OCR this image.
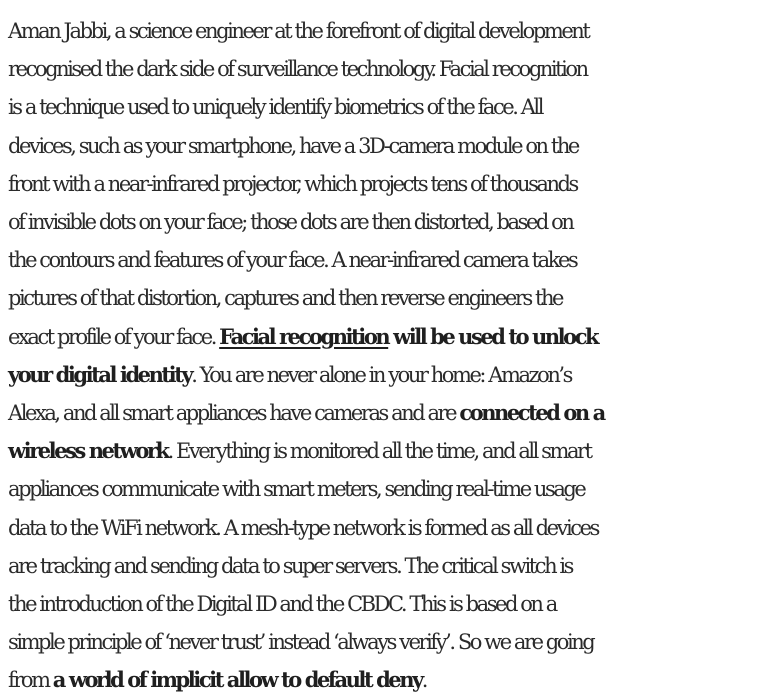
Aman Jabbi, a science engineer at the forefront of digital development
recognised the dark side of surveillance technology. Facial recognition
is a technique used to uniquely identify biometrics of the face. All
devices, such as your smartphone, have a 3D-camera module on the
front with a near-infrared projector, which projects tens of thousands
of invisible dots on your face; those dots are then distorted, based on
the contours and features of your face. A near-infrared camera takes
pictures of that distortion, captures and then reverse engineers the
exact profile of your face. Facial recognition will be used to unlock
your digital identity. You are never alone in your home: Amazon’s
Alexa, and all smart appliances have cameras and are connected on a
wireless network. Everything is monitored all the time, and all smart
appliances communicate with smart meters, sending real-time usage
data to the WiFi network. A mesh-type network is formed as all devices
are tracking and sending data to super servers. The critical switch is
the introduction of the Digital ID and the CBDC. This is based on a
simple principle of ‘never trust’ instead ‘always verify’. So we are going
from a world of implicit allow to default deny.
